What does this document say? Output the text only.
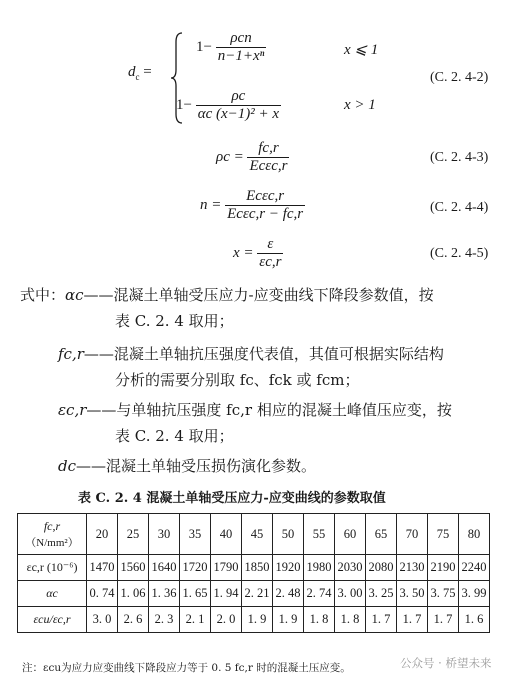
$d_c$ =
$1- \frac{\text{ρcn}}{\text{n−1+xⁿ}}$	x ⩽ 1
$1- \frac{\rho c}{\text{αc (x−1)² + x}}$	x > 1
(C. 2. 4-2)
$\rho c = \frac{fc,r}{\text{Ecεc,r}}$	(C. 2. 4-3)
$n = \frac{\text{Ecεc,r}}{\text{Ecεc,r − fc,r}}$	(C. 2. 4-4)
$x = \frac{\varepsilon}{\varepsilon c,r}$	(C. 2. 4-5)
式中：αc——混凝土单轴受压应力-应变曲线下降段参数值，按
表 C. 2. 4 取用；
fc,r——混凝土单轴抗压强度代表值，其值可根据实际结构
分析的需要分别取 fc、fck 或 fcm；
εc,r——与单轴抗压强度 fc,r 相应的混凝土峰值压应变，按
表 C. 2. 4 取用；
dc——混凝土单轴受压损伤演化参数。
表 C. 2. 4 混凝土单轴受压应力-应变曲线的参数取值
fc,r
（N/mm²）	20	25	30	35	40	45	50	55	60	65	70	75	80
εc,r (10⁻⁶)	1470	1560	1640	1720	1790	1850	1920	1980	2030	2080	2130	2190	2240
αc	0. 74	1. 06	1. 36	1. 65	1. 94	2. 21	2. 48	2. 74	3. 00	3. 25	3. 50	3. 75	3. 99
εcu/εc,r	3. 0	2. 6	2. 3	2. 1	2. 0	1. 9	1. 9	1. 8	1. 8	1. 7	1. 7	1. 7	1. 6
注：εcu为应力应变曲线下降段应力等于 0. 5 fc,r 时的混凝土压应变。	公众号 · 桥望未来
